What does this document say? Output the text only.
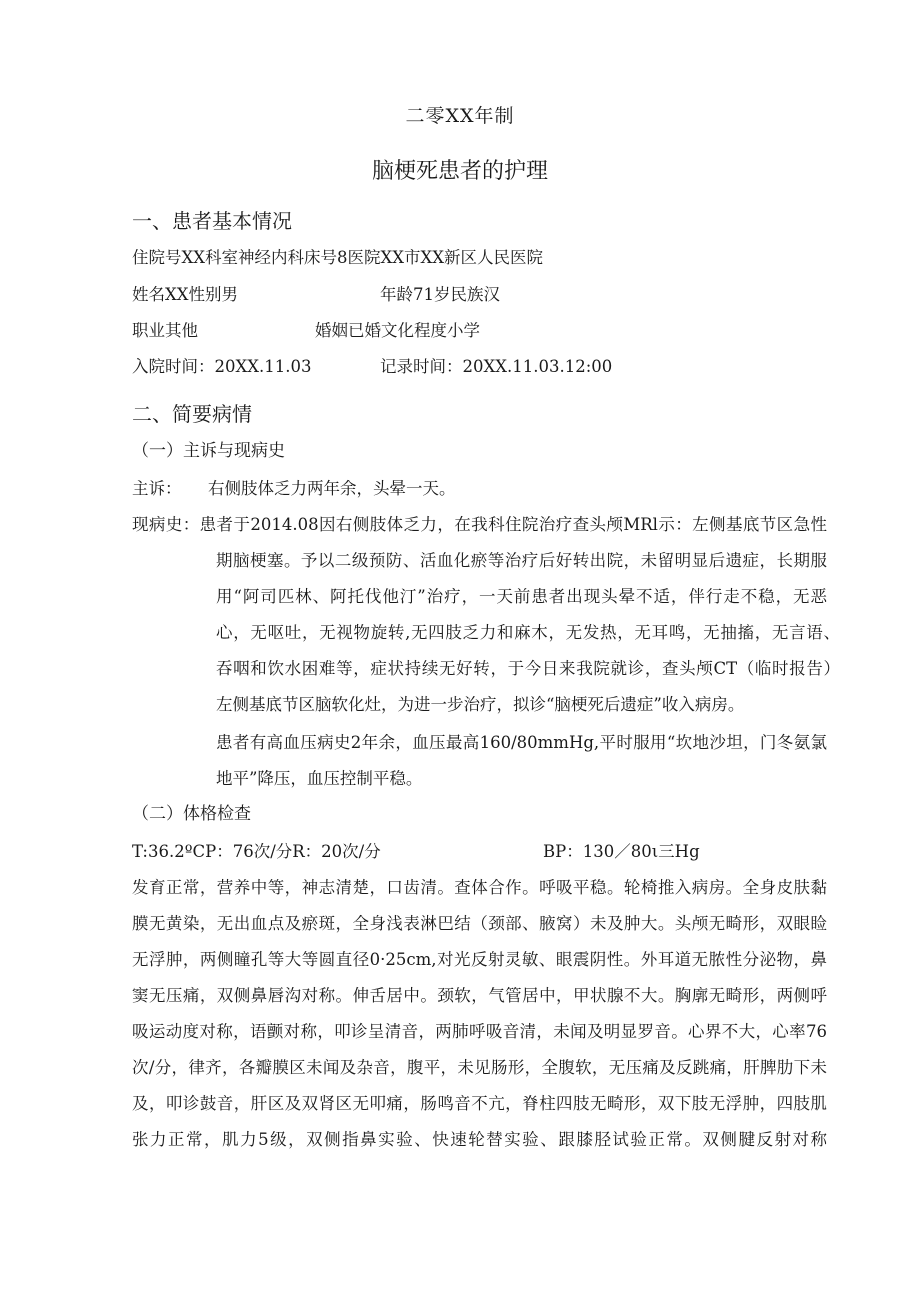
二零XX年制
脑梗死患者的护理
一、患者基本情况
住院号XX科室神经内科床号8医院XX市XX新区人民医院
姓名XX性别男	年龄71岁民族汉
职业其他	婚姻已婚文化程度小学
入院时间：20XX.11.03	记录时间：20XX.11.03.12:00
二、简要病情
（一）主诉与现病史
主诉： 右侧肢体乏力两年余，头晕一天。
现病史：患者于2014.08因右侧肢体乏力，在我科住院治疗查头颅MRl示：左侧基底节区急性
期脑梗塞。予以二级预防、活血化瘀等治疗后好转出院，未留明显后遗症，长期服
用“阿司匹林、阿托伐他汀”治疗，一天前患者出现头晕不适，伴行走不稳，无恶
心，无呕吐，无视物旋转,无四肢乏力和麻木，无发热，无耳鸣，无抽搐，无言语、
吞咽和饮水困难等，症状持续无好转，于今日来我院就诊，查头颅CT（临时报告）
左侧基底节区脑软化灶，为进一步治疗，拟诊“脑梗死后遗症”收入病房。
患者有高血压病史2年余，血压最高160/80mmHg,平时服用“坎地沙坦，门冬氨氯
地平”降压，血压控制平稳。
（二）体格检查
T:36.2ºCP：76次/分R：20次/分	BP：130／80ι三Hg
发育正常，营养中等，神志清楚，口齿清。查体合作。呼吸平稳。轮椅推入病房。全身皮肤黏
膜无黄染，无出血点及瘀斑，全身浅表淋巴结（颈部、腋窝）未及肿大。头颅无畸形，双眼睑
无浮肿，两侧瞳孔等大等圆直径0·25cm,对光反射灵敏、眼震阴性。外耳道无脓性分泌物，鼻
窦无压痛，双侧鼻唇沟对称。伸舌居中。颈软，气管居中，甲状腺不大。胸廓无畸形，两侧呼
吸运动度对称，语颤对称，叩诊呈清音，两肺呼吸音清，未闻及明显罗音。心界不大，心率76
次/分，律齐，各瓣膜区未闻及杂音，腹平，未见肠形，全腹软，无压痛及反跳痛，肝脾肋下未
及，叩诊鼓音，肝区及双肾区无叩痛，肠鸣音不亢，脊柱四肢无畸形，双下肢无浮肿，四肢肌
张力正常，肌力5级，双侧指鼻实验、快速轮替实验、跟膝胫试验正常。双侧腱反射对称
